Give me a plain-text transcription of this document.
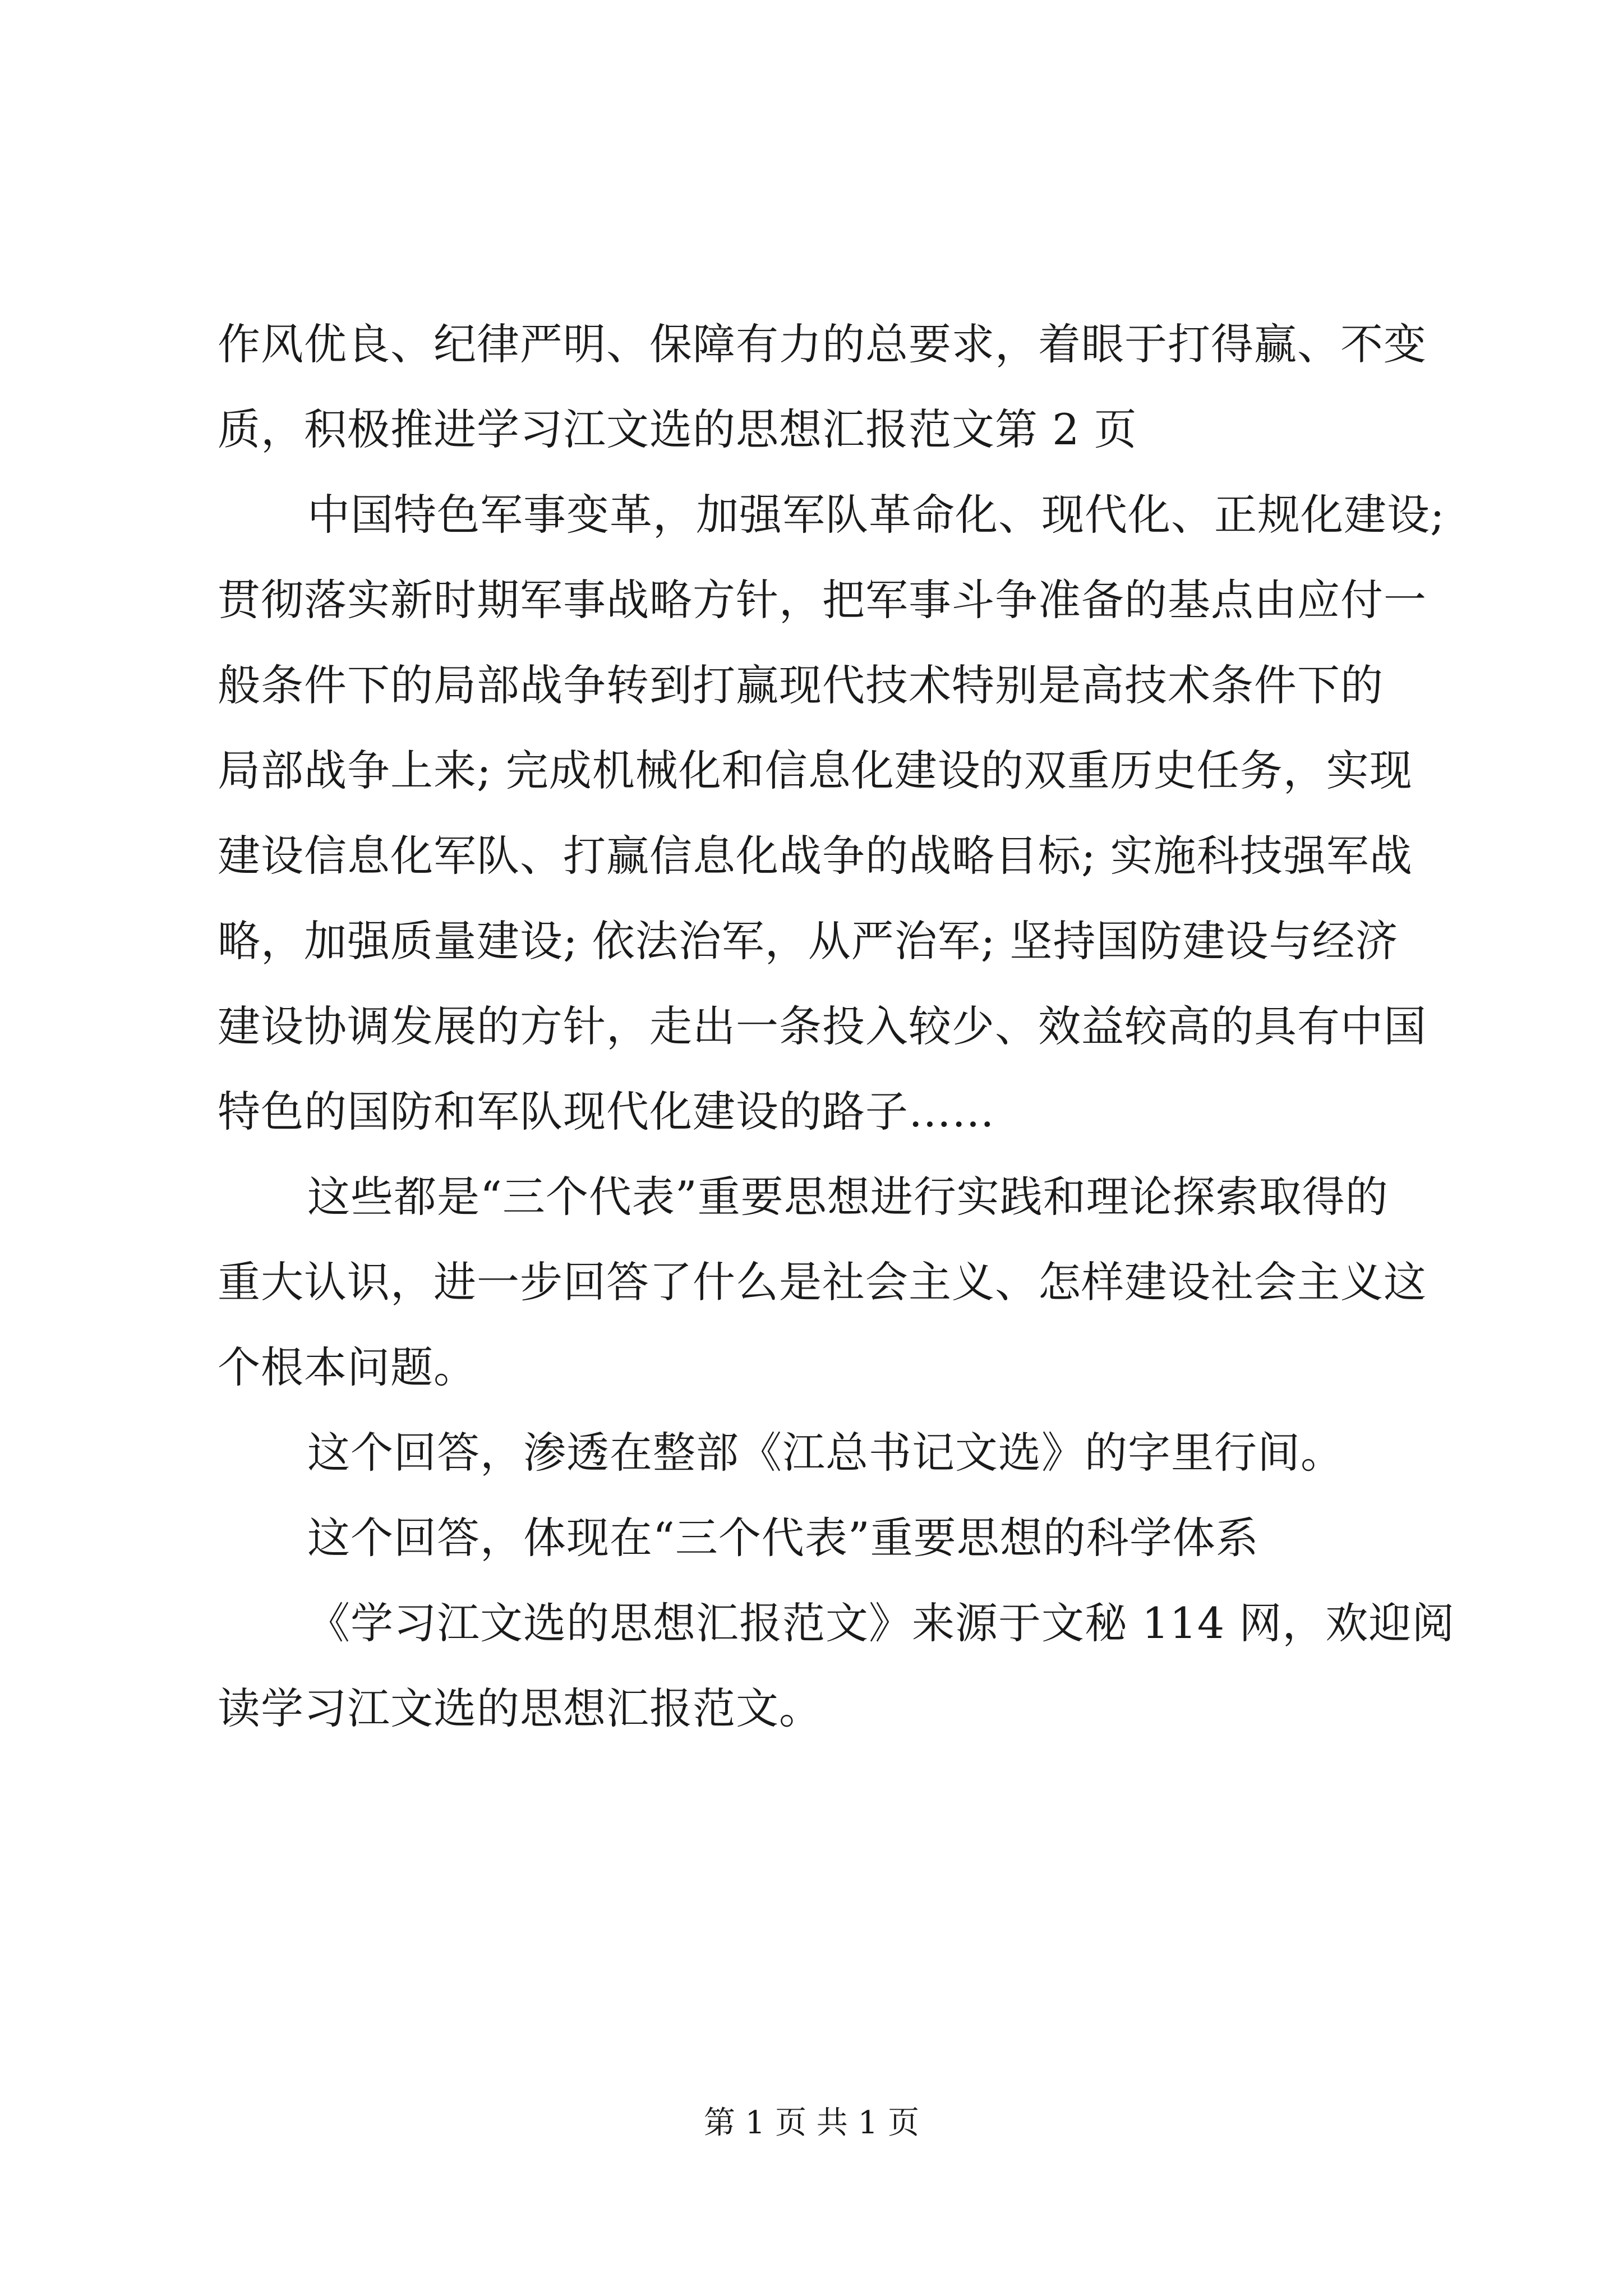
作风优良、纪律严明、保障有力的总要求，着眼于打得赢、不变
质，积极推进学习江文选的思想汇报范文第 2 页
中国特色军事变革，加强军队革命化、现代化、正规化建设;
贯彻落实新时期军事战略方针，把军事斗争准备的基点由应付一
般条件下的局部战争转到打赢现代技术特别是高技术条件下的
局部战争上来; 完成机械化和信息化建设的双重历史任务，实现
建设信息化军队、打赢信息化战争的战略目标; 实施科技强军战
略，加强质量建设; 依法治军，从严治军; 坚持国防建设与经济
建设协调发展的方针，走出一条投入较少、效益较高的具有中国
特色的国防和军队现代化建设的路子……
这些都是“三个代表”重要思想进行实践和理论探索取得的
重大认识，进一步回答了什么是社会主义、怎样建设社会主义这
个根本问题。
这个回答，渗透在整部《江总书记文选》的字里行间。
这个回答，体现在“三个代表”重要思想的科学体系
《学习江文选的思想汇报范文》来源于文秘 114 网，欢迎阅
读学习江文选的思想汇报范文。
第 1 页 共 1 页
